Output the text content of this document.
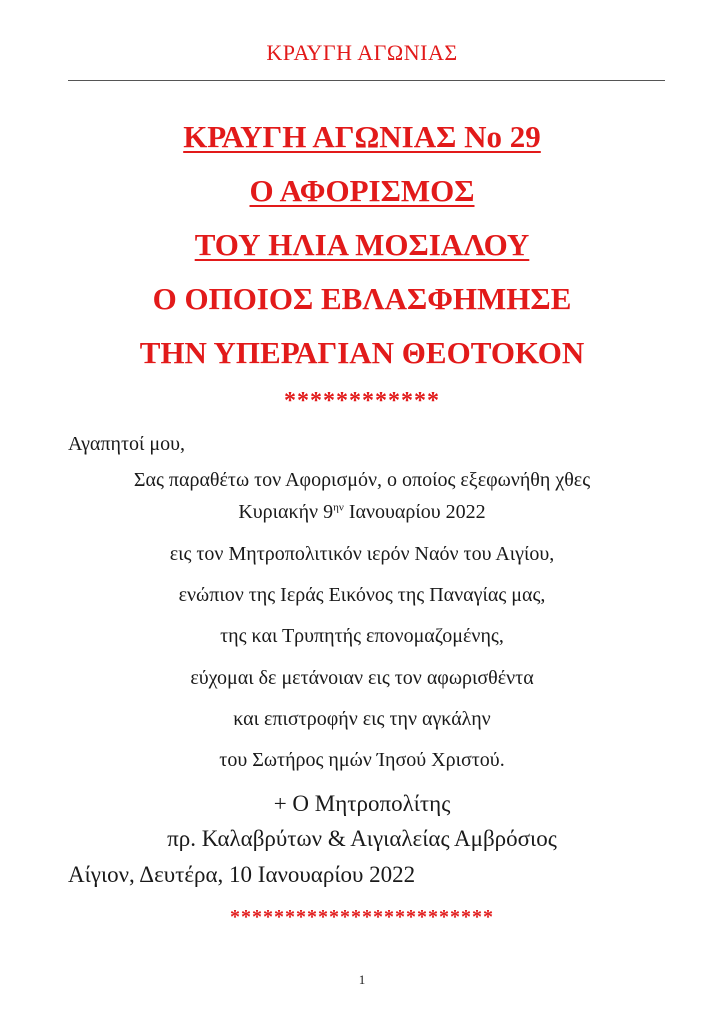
ΚΡΑΥΓΗ ΑΓΩΝΙΑΣ
ΚΡΑΥΓΗ ΑΓΩΝΙΑΣ Νο 29
Ο ΑΦΟΡΙΣΜΟΣ
ΤΟΥ ΗΛΙΑ ΜΟΣΙΑΛΟΥ
Ο ΟΠΟΙΟΣ ΕΒΛΑΣΦΗΜΗΣΕ
ΤΗΝ ΥΠΕΡΑΓΙΑΝ ΘΕΟΤΟΚΟΝ
************
Αγαπητοί μου,
Σας παραθέτω τον Αφορισμόν, ο οποίος εξεφωνήθη χθες
Κυριακήν $9^{\eta\nu}$ Ιανουαρίου 2022
εις τον Μητροπολιτικόν ιερόν Ναόν του Αιγίου,
ενώπιον της Ιεράς Εικόνος της Παναγίας μας,
της και Τρυπητής επονομαζομένης,
εύχομαι δε μετάνοιαν εις τον αφωρισθέντα
και επιστροφήν εις την αγκάλην
του Σωτήρος ημών Ίησού Χριστού.
+ Ο Μητροπολίτης
πρ. Καλαβρύτων & Αιγιαλείας Αμβρόσιος
Αίγιον, Δευτέρα, 10 Ιανουαρίου 2022
************************
1
